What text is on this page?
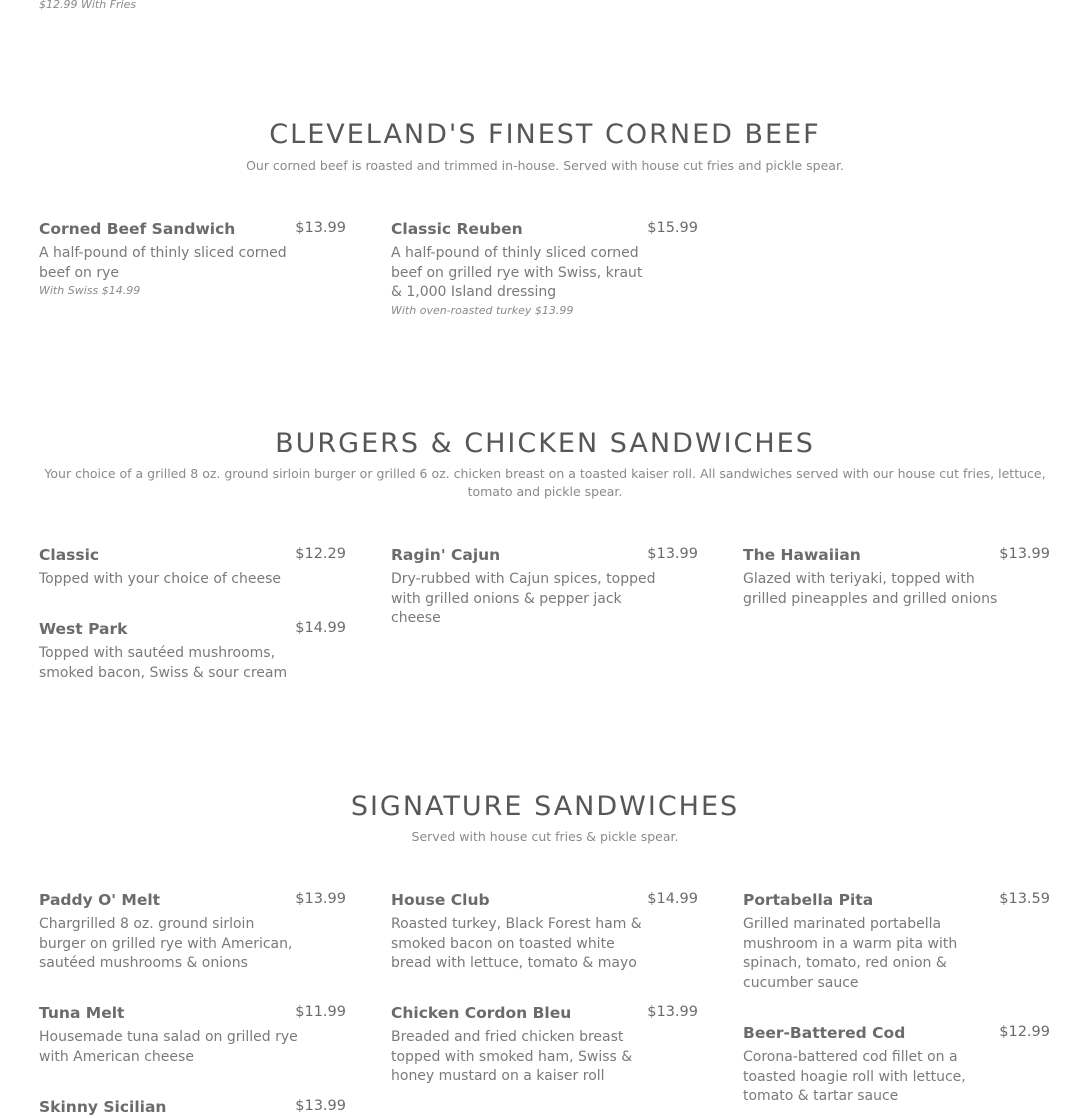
$12.99 With Fries
CLEVELAND'S FINEST CORNED BEEF
Our corned beef is roasted and trimmed in-house. Served with house cut fries and pickle spear.
Corned Beef Sandwich	$13.99
A half-pound of thinly sliced corned beef on rye
With Swiss $14.99
Classic Reuben	$15.99
A half-pound of thinly sliced corned beef on grilled rye with Swiss, kraut & 1,000 Island dressing
With oven-roasted turkey $13.99
BURGERS & CHICKEN SANDWICHES
Your choice of a grilled 8 oz. ground sirloin burger or grilled 6 oz. chicken breast on a toasted kaiser roll. All sandwiches served with our house cut fries, lettuce, tomato and pickle spear.
Classic	$12.29
Topped with your choice of cheese
Ragin' Cajun	$13.99
Dry-rubbed with Cajun spices, topped with grilled onions & pepper jack cheese
The Hawaiian	$13.99
Glazed with teriyaki, topped with grilled pineapples and grilled onions
West Park	$14.99
Topped with sautéed mushrooms, smoked bacon, Swiss & sour cream
SIGNATURE SANDWICHES
Served with house cut fries & pickle spear.
Paddy O' Melt	$13.99
Chargrilled 8 oz. ground sirloin burger on grilled rye with American, sautéed mushrooms & onions
House Club	$14.99
Roasted turkey, Black Forest ham & smoked bacon on toasted white bread with lettuce, tomato & mayo
Portabella Pita	$13.59
Grilled marinated portabella mushroom in a warm pita with spinach, tomato, red onion & cucumber sauce
Tuna Melt	$11.99
Housemade tuna salad on grilled rye with American cheese
Chicken Cordon Bleu	$13.99
Breaded and fried chicken breast topped with smoked ham, Swiss & honey mustard on a kaiser roll
Beer-Battered Cod	$12.99
Corona-battered cod fillet on a toasted hoagie roll with lettuce, tomato & tartar sauce
Skinny Sicilian	$13.99
